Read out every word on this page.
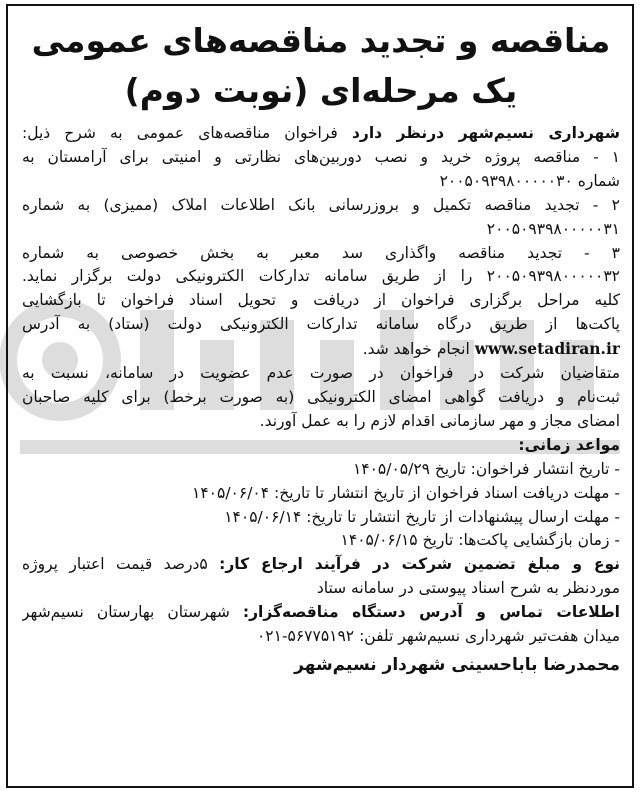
مناقصه و تجدید مناقصه‌های عمومی
یک مرحله‌ای (نوبت دوم)
شهرداری نسیم‌شهر درنظر دارد فراخوان مناقصه‌های عمومی به شرح ذیل:
۱ - مناقصه پروژه خرید و نصب دوربین‌های نظارتی و امنیتی برای آرامستان به
شماره ۲۰۰۵۰۹۳۹۸۰۰۰۰۰۳۰
۲ - تجدید مناقصه تکمیل و بروزرسانی بانک اطلاعات املاک (ممیزی) به شماره
۲۰۰۵۰۹۳۹۸۰۰۰۰۰۳۱
۳ - تجدید مناقصه واگذاری سد معبر به بخش خصوصی به شماره
۲۰۰۵۰۹۳۹۸۰۰۰۰۰۳۲ را از طریق سامانه تدارکات الکترونیکی دولت برگزار نماید.
کلیه مراحل برگزاری فراخوان از دریافت و تحویل اسناد فراخوان تا بازگشایی
پاکت‌ها از طریق درگاه سامانه تدارکات الکترونیکی دولت (ستاد) به آدرس
www.setadiran.ir انجام خواهد شد.
متقاضیان شرکت در فراخوان در صورت عدم عضویت در سامانه، نسبت به
ثبت‌نام و دریافت گواهی امضای الکترونیکی (به صورت برخط) برای کلیه صاحبان
امضای مجاز و مهر سازمانی اقدام لازم را به عمل آورند.
مواعد زمانی:
- تاریخ انتشار فراخوان: تاریخ ۱۴۰۵/۰۵/۲۹
- مهلت دریافت اسناد فراخوان از تاریخ انتشار تا تاریخ: ۱۴۰۵/۰۶/۰۴
- مهلت ارسال پیشنهادات از تاریخ انتشار تا تاریخ: ۱۴۰۵/۰۶/۱۴
- زمان بازگشایی پاکت‌ها: تاریخ ۱۴۰۵/۰۶/۱۵
نوع و مبلغ تضمین شرکت در فرآیند ارجاع کار: ۵درصد قیمت اعتبار پروژه
موردنظر به شرح اسناد پیوستی در سامانه ستاد
اطلاعات تماس و آدرس دستگاه مناقصه‌گزار: شهرستان بهارستان نسیم‌شهر
میدان هفت‌تیر شهرداری نسیم‌شهر تلفن: ۵۶۷۷۵۱۹۲-۰۲۱
محمدرضا باباحسینی شهردار نسیم‌شهر
